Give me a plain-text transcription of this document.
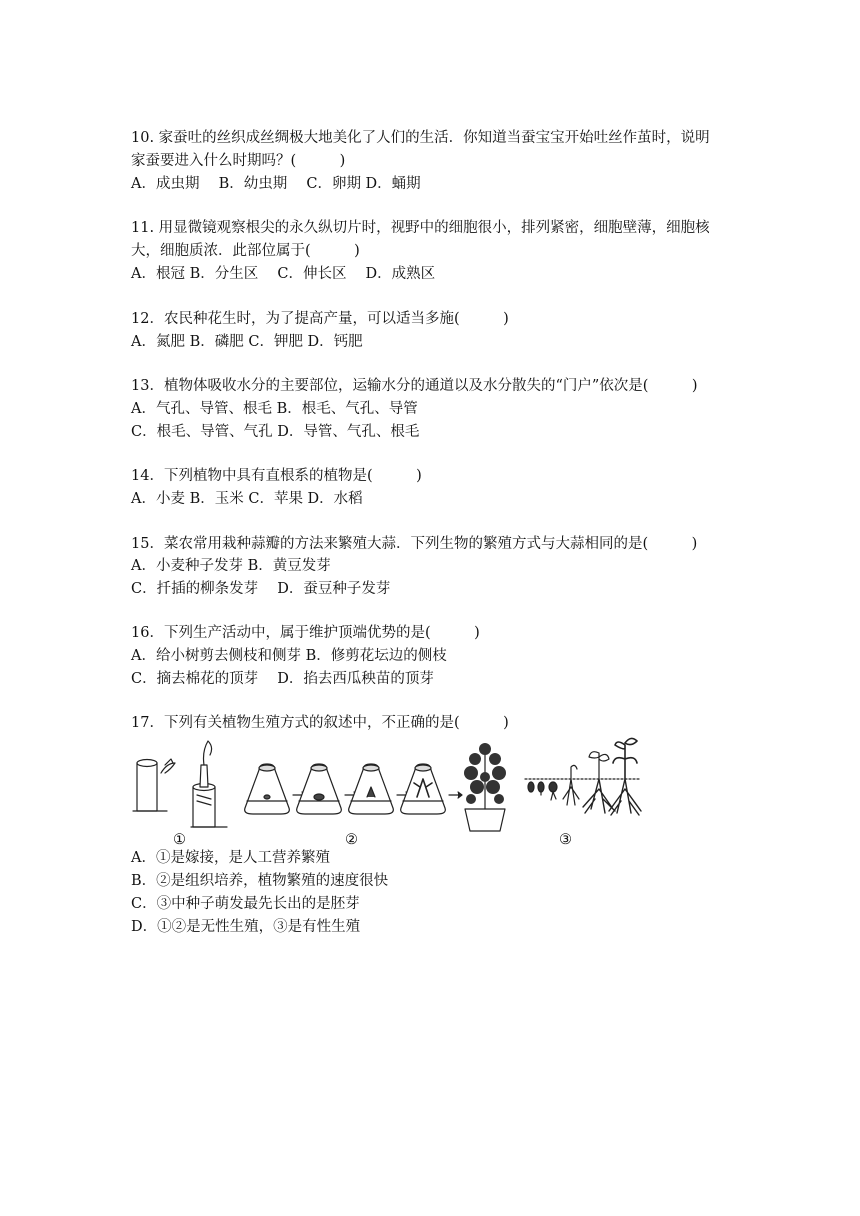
10. 家蚕吐的丝织成丝绸极大地美化了人们的生活．你知道当蚕宝宝开始吐丝作茧时，说明
家蚕要进入什么时期吗？(　　　)
A．成虫期　 B．幼虫期　 C．卵期 D．蛹期
11. 用显微镜观察根尖的永久纵切片时，视野中的细胞很小，排列紧密，细胞壁薄，细胞核
大，细胞质浓．此部位属于(　　　)
A．根冠 B．分生区　 C．伸长区　 D．成熟区
12．农民种花生时，为了提高产量，可以适当多施(　　　)
A．氮肥 B．磷肥 C．钾肥 D．钙肥
13．植物体吸收水分的主要部位，运输水分的通道以及水分散失的“门户”依次是(　　　)
A．气孔、导管、根毛 B．根毛、气孔、导管
C．根毛、导管、气孔 D．导管、气孔、根毛
14．下列植物中具有直根系的植物是(　　　)
A．小麦 B．玉米 C．苹果 D．水稻
15．菜农常用栽种蒜瓣的方法来繁殖大蒜．下列生物的繁殖方式与大蒜相同的是(　　　)
A．小麦种子发芽 B．黄豆发芽
C．扦插的柳条发芽　 D．蚕豆种子发芽
16．下列生产活动中，属于维护顶端优势的是(　　　)
A．给小树剪去侧枝和侧芽 B．修剪花坛边的侧枝
C．摘去棉花的顶芽　 D．掐去西瓜秧苗的顶芽
17．下列有关植物生殖方式的叙述中，不正确的是(　　　)
①	②	③
A．①是嫁接，是人工营养繁殖
B．②是组织培养，植物繁殖的速度很快
C．③中种子萌发最先长出的是胚芽
D．①②是无性生殖，③是有性生殖
